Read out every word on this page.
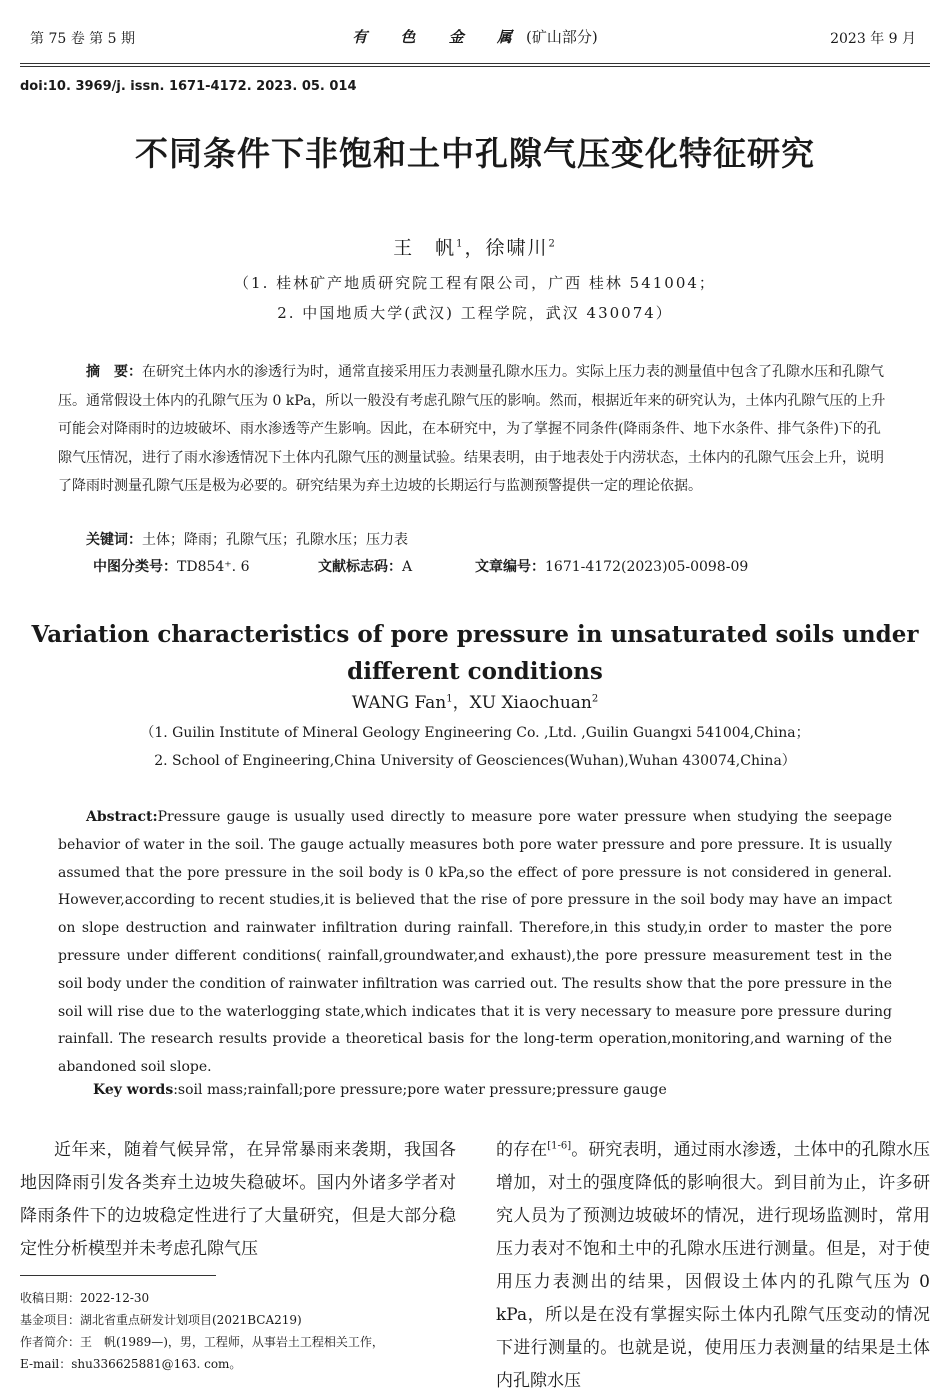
第 75 卷 第 5 期	有 色 金 属(矿山部分)	2023 年 9 月
doi:10. 3969/j. issn. 1671-4172. 2023. 05. 014
不同条件下非饱和土中孔隙气压变化特征研究
王　帆$^1$，徐啸川$^2$
（1. 桂林矿产地质研究院工程有限公司，广西 桂林 541004；
2. 中国地质大学(武汉) 工程学院，武汉 430074）
摘　要：在研究土体内水的渗透行为时，通常直接采用压力表测量孔隙水压力。实际上压力表的测量值中包含了孔隙水压和孔隙气压。通常假设土体内的孔隙气压为 0 kPa，所以一般没有考虑孔隙气压的影响。然而，根据近年来的研究认为，土体内孔隙气压的上升可能会对降雨时的边坡破坏、雨水渗透等产生影响。因此，在本研究中，为了掌握不同条件(降雨条件、地下水条件、排气条件)下的孔隙气压情况，进行了雨水渗透情况下土体内孔隙气压的测量试验。结果表明，由于地表处于内涝状态，土体内的孔隙气压会上升，说明了降雨时测量孔隙气压是极为必要的。研究结果为弃土边坡的长期运行与监测预警提供一定的理论依据。
关键词：土体；降雨；孔隙气压；孔隙水压；压力表
中图分类号：TD854⁺. 6	文献标志码：A	文章编号：1671-4172(2023)05-0098-09
Variation characteristics of pore pressure in unsaturated soils under different conditions
WANG Fan$^1$，XU Xiaochuan$^2$
（1. Guilin Institute of Mineral Geology Engineering Co. ,Ltd. ,Guilin Guangxi 541004,China；
2. School of Engineering,China University of Geosciences(Wuhan),Wuhan 430074,China）
Abstract:Pressure gauge is usually used directly to measure pore water pressure when studying the seepage behavior of water in the soil. The gauge actually measures both pore water pressure and pore pressure. It is usually assumed that the pore pressure in the soil body is 0 kPa,so the effect of pore pressure is not considered in general. However,according to recent studies,it is believed that the rise of pore pressure in the soil body may have an impact on slope destruction and rainwater infiltration during rainfall. Therefore,in this study,in order to master the pore pressure under different conditions( rainfall,groundwater,and exhaust),the pore pressure measurement test in the soil body under the condition of rainwater infiltration was carried out. The results show that the pore pressure in the soil will rise due to the waterlogging state,which indicates that it is very necessary to measure pore pressure during rainfall. The research results provide a theoretical basis for the long-term operation,monitoring,and warning of the abandoned soil slope.
Key words:soil mass;rainfall;pore pressure;pore water pressure;pressure gauge

近年来，随着气候异常，在异常暴雨来袭期，我国各地因降雨引发各类弃土边坡失稳破坏。国内外诸多学者对降雨条件下的边坡稳定性进行了大量研究，但是大部分稳定性分析模型并未考虑孔隙气压

的存在[1-6]。研究表明，通过雨水渗透，土体中的孔隙水压增加，对土的强度降低的影响很大。到目前为止，许多研究人员为了预测边坡破坏的情况，进行现场监测时，常用压力表对不饱和土中的孔隙水压进行测量。但是，对于使用压力表测出的结果，因假设土体内的孔隙气压为 0 kPa，所以是在没有掌握实际土体内孔隙气压变动的情况下进行测量的。也就是说，使用压力表测量的结果是土体内孔隙水压

收稿日期：2022-12-30
基金项目：湖北省重点研发计划项目(2021BCA219)
作者简介：王　帆(1989—)，男，工程师，从事岩土工程相关工作，
E-mail：shu336625881@163. com。
